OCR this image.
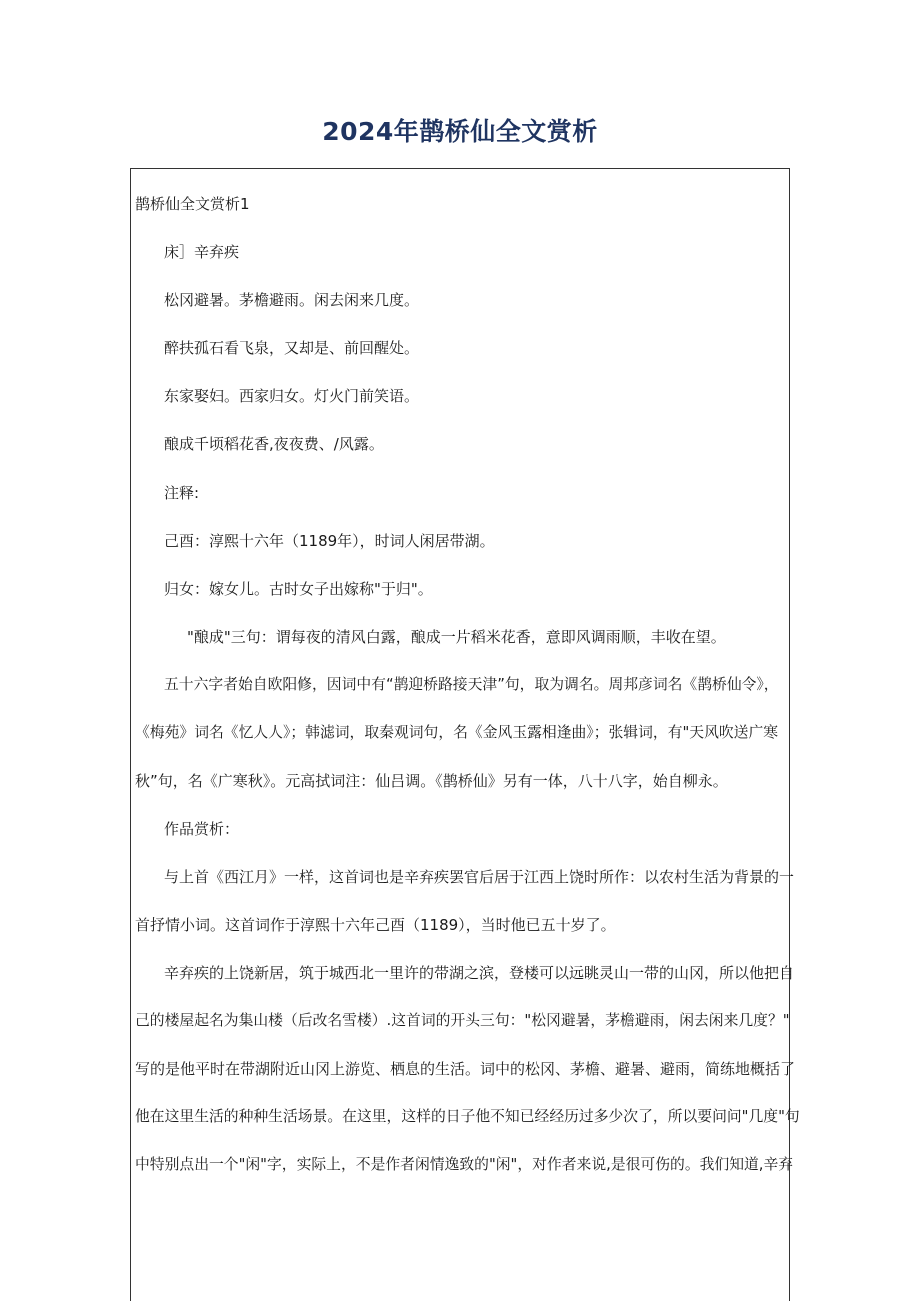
2024年鹊桥仙全文赏析
鹊桥仙全文赏析1
床］辛弃疾
松冈避暑。茅檐避雨。闲去闲来几度。
醉扶孤石看飞泉，又却是、前回醒处。
东家娶妇。西家归女。灯火门前笑语。
酿成千顷稻花香,夜夜费、/风露。
注释:
己酉：淳熙十六年（1189年），时词人闲居带湖。
归女：嫁女儿。古时女子出嫁称"于归"。
"酿成"三句：谓每夜的清风白露，酿成一片稻米花香，意即风调雨顺，丰收在望。
五十六字者始自欧阳修，因词中有“鹊迎桥路接天津”句，取为调名。周邦彦词名《鹊桥仙令》，
《梅苑》词名《忆人人》；韩滤词，取秦观词句，名《金风玉露相逢曲》；张辑词，有"天风吹送广寒
秋”句，名《广寒秋》。元高拭词注：仙吕调。《鹊桥仙》另有一体，八十八字，始自柳永。
作品赏析：
与上首《西江月》一样，这首词也是辛弃疾罢官后居于江西上饶时所作：以农村生活为背景的一
首抒情小词。这首词作于淳熙十六年己酉（1189），当时他已五十岁了。
辛弃疾的上饶新居，筑于城西北一里许的带湖之滨，登楼可以远眺灵山一带的山冈，所以他把自
己的楼屋起名为集山楼（后改名雪楼）.这首词的开头三句："松冈避暑，茅檐避雨，闲去闲来几度？"
写的是他平时在带湖附近山冈上游览、栖息的生活。词中的松冈、茅檐、避暑、避雨，简练地概括了
他在这里生活的种种生活场景。在这里，这样的日子他不知已经经历过多少次了，所以要问问"几度"句
中特别点出一个"闲"字，实际上，不是作者闲情逸致的"闲"，对作者来说,是很可伤的。我们知道,辛弃
